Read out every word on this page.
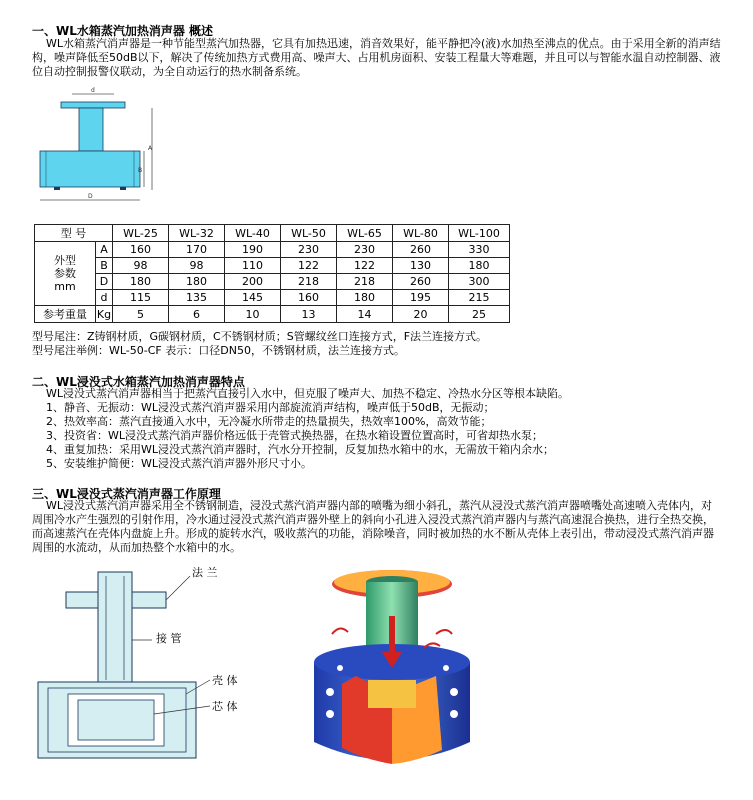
一、WL水箱蒸汽加热消声器 概述
WL水箱蒸汽消声器是一种节能型蒸汽加热器，它具有加热迅速，消音效果好，能平静把冷(液)水加热至沸点的优点。由于采用全新的消声结构，噪声降低至50dB以下，解决了传统加热方式费用高、噪声大、占用机房面积、安装工程量大等难题，并且可以与智能水温自动控制器、液位自动控制报警仪联动，为全自动运行的热水制备系统。
d
A
B
D
型 号		WL-25	WL-32	WL-40	WL-50	WL-65	WL-80	WL-100
外型
参数
mm	A	160	170	190	230	230	260	330
	B	98	98	110	122	122	130	180
	D	180	180	200	218	218	260	300
	d	115	135	145	160	180	195	215
参考重量	Kg	5	6	10	13	14	20	25
型号尾注：Z铸钢材质，G碳钢材质，C不锈钢材质；S管螺纹丝口连接方式，F法兰连接方式。
型号尾注举例：WL-50-CF 表示：口径DN50，不锈钢材质，法兰连接方式。
二、WL浸没式水箱蒸汽加热消声器特点
WL浸没式蒸汽消声器相当于把蒸汽直接引入水中，但克服了噪声大、加热不稳定、冷热水分区等根本缺陷。
1、静音、无振动：WL浸没式蒸汽消声器采用内部旋流消声结构，噪声低于50dB，无振动；
2、热效率高：蒸汽直接通入水中，无冷凝水所带走的热量损失，热效率100%，高效节能；
3、投资省：WL浸没式蒸汽消声器价格远低于壳管式换热器，在热水箱设置位置高时，可省却热水泵；
4、重复加热：采用WL浸没式蒸汽消声器时，汽水分开控制，反复加热水箱中的水，无需放干箱内余水；
5、安装维护简便：WL浸没式蒸汽消声器外形尺寸小。
三、WL浸没式蒸汽消声器工作原理
WL浸没式蒸汽消声器采用全不锈钢制造，浸没式蒸汽消声器内部的喷嘴为细小斜孔，蒸汽从浸没式蒸汽消声器喷嘴处高速喷入壳体内，对周围冷水产生强烈的引射作用，冷水通过浸没式蒸汽消声器外壁上的斜向小孔进入浸没式蒸汽消声器内与蒸汽高速混合换热，进行全热交换，而高速蒸汽在壳体内盘旋上升。形成的旋转水汽，吸收蒸汽的功能，消除噪音，同时被加热的水不断从壳体上表引出，带动浸没式蒸汽消声器周围的水流动，从而加热整个水箱中的水。
法 兰
接 管
壳 体
芯 体
